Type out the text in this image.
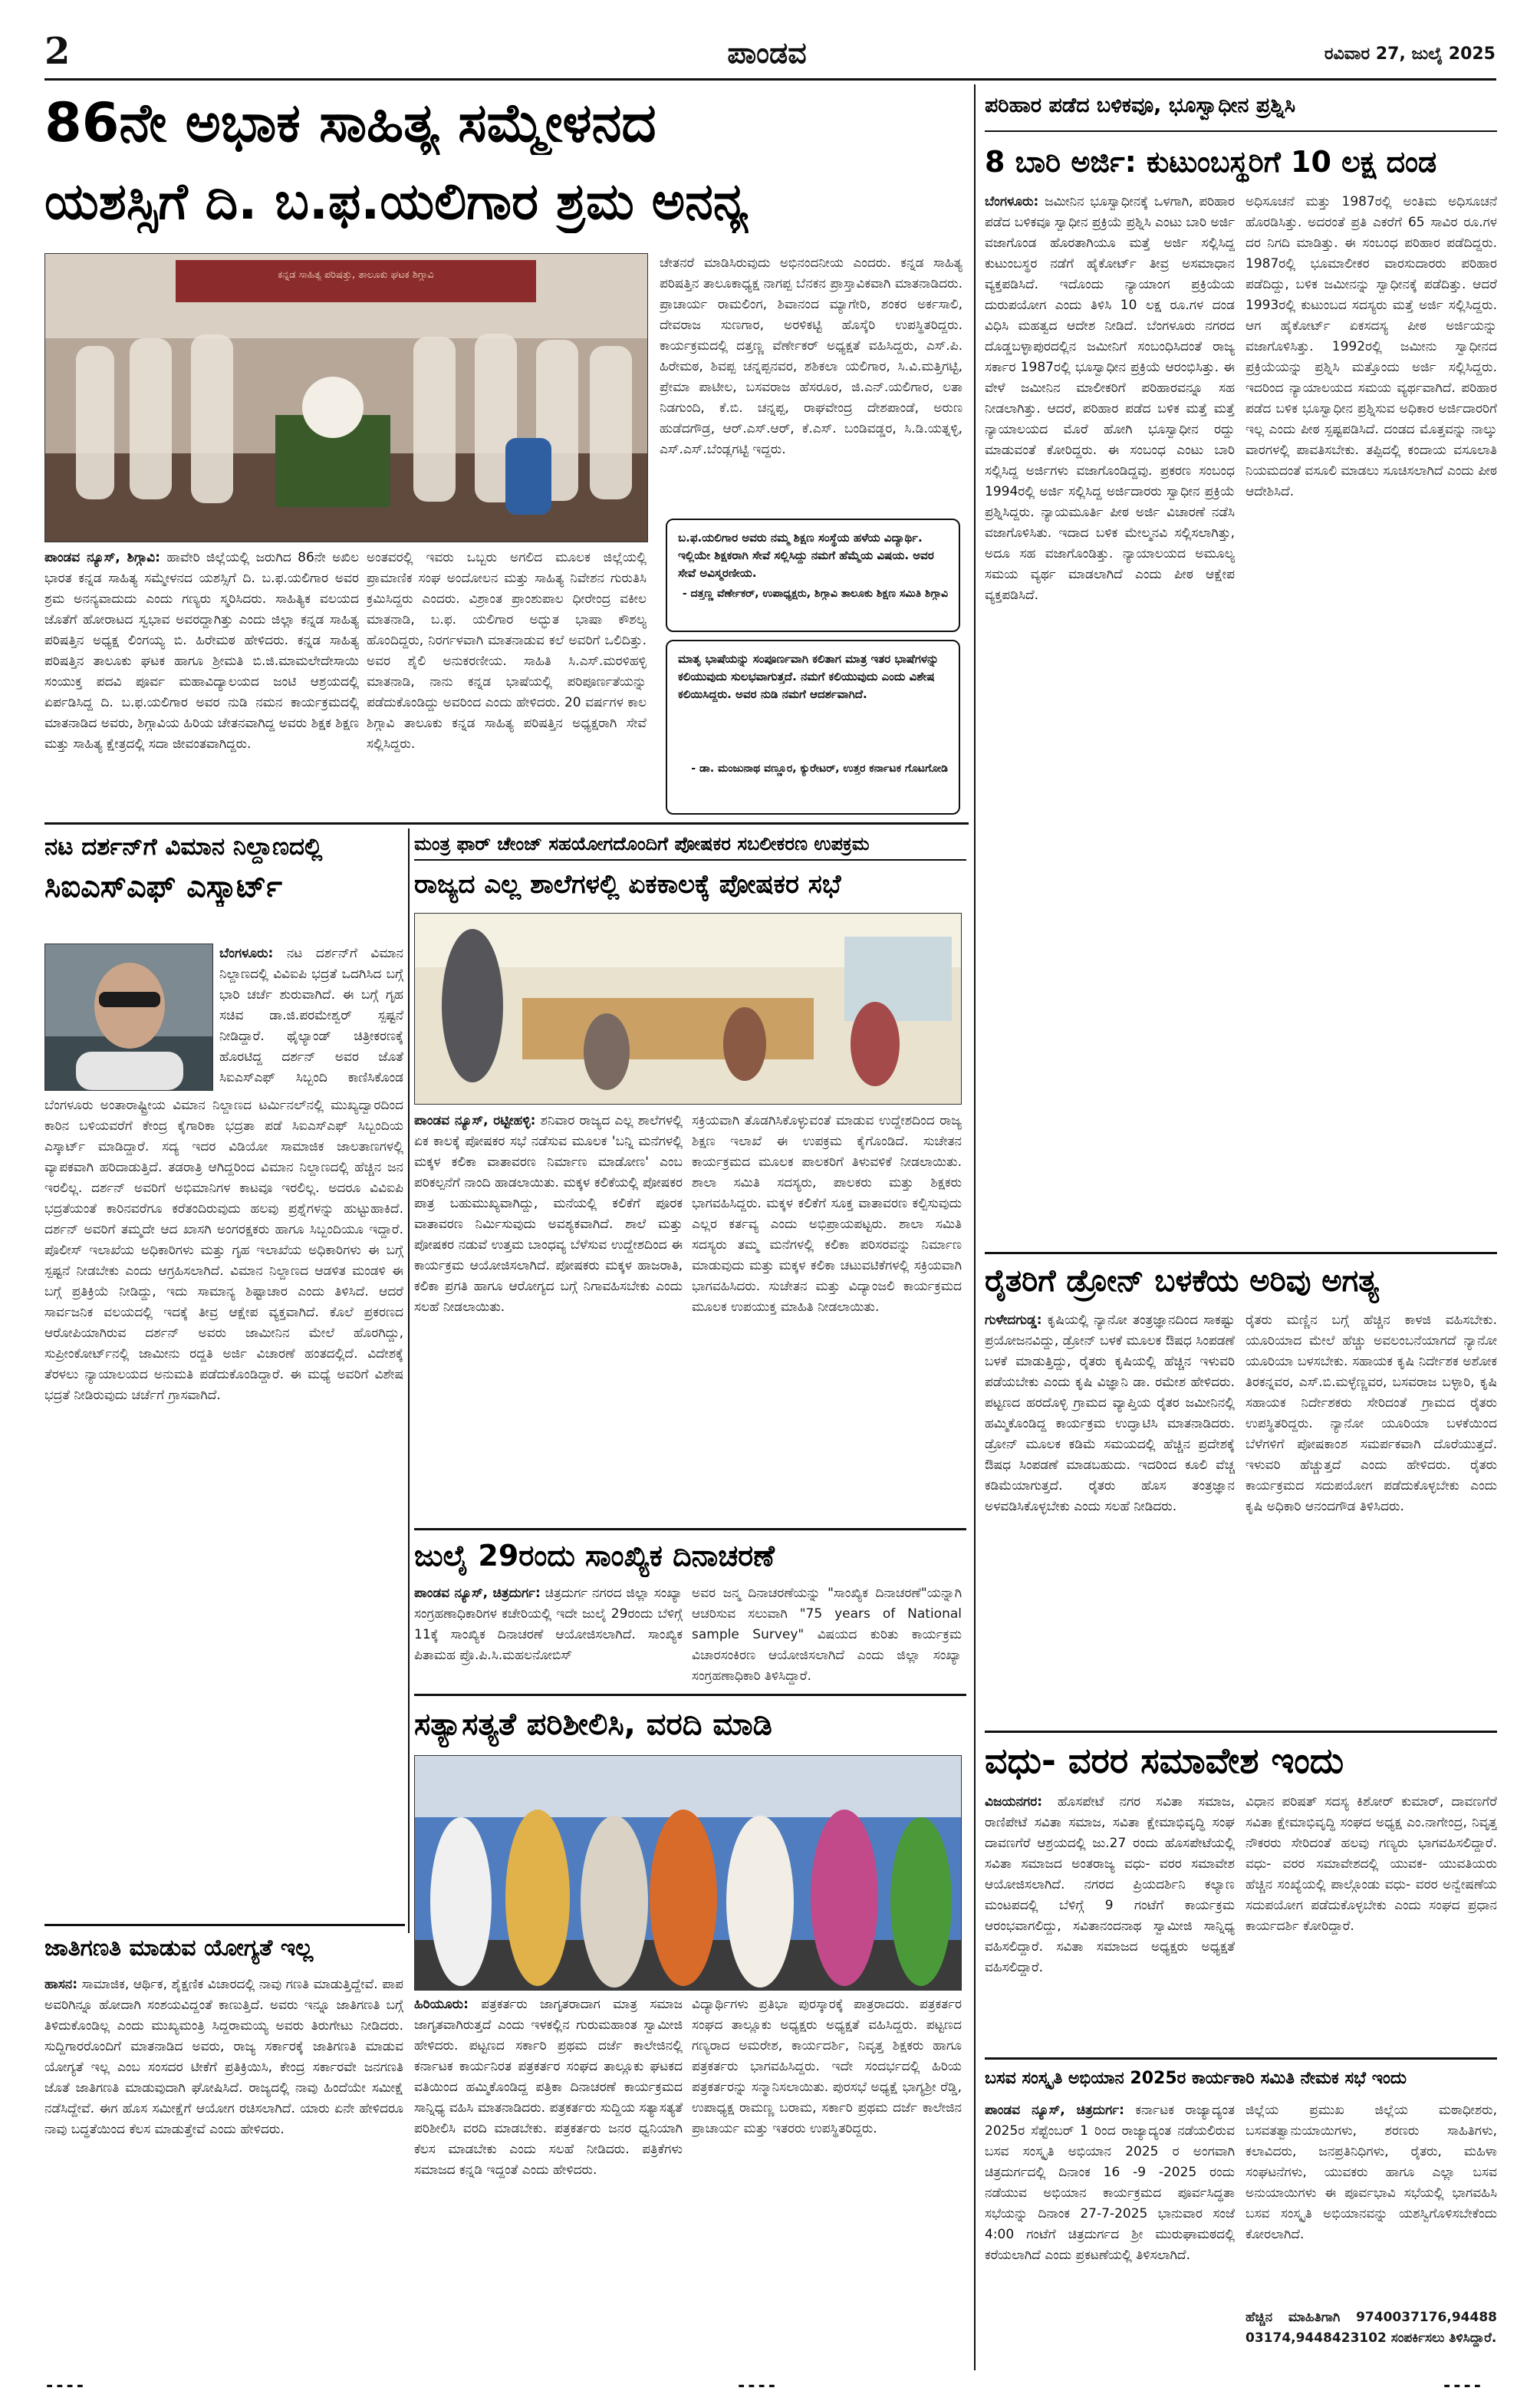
2	ಪಾಂಡವ	ರವಿವಾರ 27, ಜುಲೈ 2025
86ನೇ ಅಭಾಕ ಸಾಹಿತ್ಯ ಸಮ್ಮೇಳನದ
ಯಶಸ್ಸಿಗೆ ದಿ. ಬ.ಫ.ಯಲಿಗಾರ ಶ್ರಮ ಅನನ್ಯ
ಕನ್ನಡ ಸಾಹಿತ್ಯ ಪರಿಷತ್ತು, ತಾಲೂಕು ಘಟಕ ಶಿಗ್ಗಾವಿ
ಪಾಂಡವ ನ್ಯೂಸ್, ಶಿಗ್ಗಾವಿ: ಹಾವೇರಿ ಜಿಲ್ಲೆಯಲ್ಲಿ ಜರುಗಿದ 86ನೇ ಅಖಿಲ ಭಾರತ ಕನ್ನಡ ಸಾಹಿತ್ಯ ಸಮ್ಮೇಳನದ ಯಶಸ್ಸಿಗೆ ದಿ. ಬ.ಫ.ಯಲಿಗಾರ ಅವರ ಶ್ರಮ ಅನನ್ಯವಾದುದು ಎಂದು ಗಣ್ಯರು ಸ್ಮರಿಸಿದರು. ಸಾಹಿತ್ಯಿಕ ವಲಯದ ಜೊತೆಗೆ ಹೋರಾಟದ ಸ್ವಭಾವ ಅವರದ್ದಾಗಿತ್ತು ಎಂದು ಜಿಲ್ಲಾ ಕನ್ನಡ ಸಾಹಿತ್ಯ ಪರಿಷತ್ತಿನ ಅಧ್ಯಕ್ಷ ಲಿಂಗಯ್ಯ ಬಿ. ಹಿರೇಮಠ ಹೇಳಿದರು. ಕನ್ನಡ ಸಾಹಿತ್ಯ ಪರಿಷತ್ತಿನ ತಾಲೂಕು ಘಟಕ ಹಾಗೂ ಶ್ರೀಮತಿ ಬಿ.ಜಿ.ಮಾಮಲೇದೇಸಾಯಿ ಸಂಯುಕ್ತ ಪದವಿ ಪೂರ್ವ ಮಹಾವಿದ್ಯಾಲಯದ ಜಂಟಿ ಆಶ್ರಯದಲ್ಲಿ ಏರ್ಪಡಿಸಿದ್ದ ದಿ. ಬ.ಫ.ಯಲಿಗಾರ ಅವರ ನುಡಿ ನಮನ ಕಾರ್ಯಕ್ರಮದಲ್ಲಿ ಮಾತನಾಡಿದ ಅವರು, ಶಿಗ್ಗಾವಿಯ ಹಿರಿಯ ಚೇತನವಾಗಿದ್ದ ಅವರು ಶಿಕ್ಷಕ ಶಿಕ್ಷಣ ಮತ್ತು ಸಾಹಿತ್ಯ ಕ್ಷೇತ್ರದಲ್ಲಿ ಸದಾ ಜೀವಂತವಾಗಿದ್ದರು.
ಅಂತವರಲ್ಲಿ ಇವರು ಒಬ್ಬರು ಅಗಲಿದ ಮೂಲಕ ಜಿಲ್ಲೆಯಲ್ಲಿ ಪ್ರಾಮಾಣಿಕ ಸಂಘ ಅಂದೋಲನ ಮತ್ತು ಸಾಹಿತ್ಯ ನಿವೇಶನ ಗುರುತಿಸಿ ಕ್ರಮಿಸಿದ್ದರು ಎಂದರು. ವಿಶ್ರಾಂತ ಪ್ರಾಂಶುಪಾಲ ಧೀರೇಂದ್ರ ವಕೀಲ ಮಾತನಾಡಿ, ಬ.ಫ. ಯಲಿಗಾರ ಅದ್ಭುತ ಭಾಷಾ ಕೌಶಲ್ಯ ಹೊಂದಿದ್ದರು, ನಿರರ್ಗಳವಾಗಿ ಮಾತನಾಡುವ ಕಲೆ ಅವರಿಗೆ ಒಲಿದಿತ್ತು. ಅವರ ಶೈಲಿ ಅನುಕರಣೀಯ. ಸಾಹಿತಿ ಸಿ.ಎಸ್.ಮರಳಿಹಳ್ಳಿ ಮಾತನಾಡಿ, ನಾನು ಕನ್ನಡ ಭಾಷೆಯಲ್ಲಿ ಪರಿಪೂರ್ಣತೆಯನ್ನು ಪಡೆದುಕೊಂಡಿದ್ದು ಅವರಿಂದ ಎಂದು ಹೇಳಿದರು. 20 ವರ್ಷಗಳ ಕಾಲ ಶಿಗ್ಗಾವಿ ತಾಲೂಕು ಕನ್ನಡ ಸಾಹಿತ್ಯ ಪರಿಷತ್ತಿನ ಅಧ್ಯಕ್ಷರಾಗಿ ಸೇವೆ ಸಲ್ಲಿಸಿದ್ದರು.
ಚೇತನರೆ ಮಾಡಿಸಿರುವುದು ಅಭಿನಂದನೀಯ ಎಂದರು. ಕನ್ನಡ ಸಾಹಿತ್ಯ ಪರಿಷತ್ತಿನ ತಾಲೂಕಾಧ್ಯಕ್ಷ ನಾಗಪ್ಪ ಬೆನಕನ ಪ್ರಾಸ್ತಾವಿಕವಾಗಿ ಮಾತನಾಡಿದರು. ಪ್ರಾಚಾರ್ಯ ರಾಮಲಿಂಗ, ಶಿವಾನಂದ ಮ್ಯಾಗೇರಿ, ಶಂಕರ ಅರ್ಕಸಾಲಿ, ದೇವರಾಜ ಸುಣಗಾರ, ಅರಳಿಕಟ್ಟಿ ಹೊಸ್ಕೆರಿ ಉಪಸ್ಥಿತರಿದ್ದರು. ಕಾರ್ಯಕ್ರಮದಲ್ಲಿ ದತ್ತಣ್ಣ ವೆರ್ಣೇಕರ್ ಅಧ್ಯಕ್ಷತೆ ವಹಿಸಿದ್ದರು, ಎಸ್.ಪಿ. ಹಿರೇಮಠ, ಶಿವಪ್ಪ ಚನ್ನಪ್ಪನವರ, ಶಶಿಕಲಾ ಯಲಿಗಾರ, ಸಿ.ವಿ.ಮತ್ತಿಗಟ್ಟಿ, ಪ್ರೇಮಾ ಪಾಟೀಲ, ಬಸವರಾಜ ಹೆಸರೂರ, ಜಿ.ಎನ್.ಯಲಿಗಾರ, ಲತಾ ನಿಡಗುಂದಿ, ಕೆ.ಬಿ. ಚನ್ನಪ್ಪ, ರಾಘವೇಂದ್ರ ದೇಶಪಾಂಡೆ, ಅರುಣ ಹುಡೆದಗೌಡ್ರ, ಆರ್.ಎಸ್.ಆರ್, ಕೆ.ಎಸ್. ಬಂಡಿವಡ್ಡರ, ಸಿ.ಡಿ.ಯತ್ನಳ್ಳಿ, ಎಸ್.ಎಸ್.ಬೆಂಡ್ಲಗಟ್ಟಿ ಇದ್ದರು.
ಬ.ಫ.ಯಲಿಗಾರ ಅವರು ನಮ್ಮ ಶಿಕ್ಷಣ ಸಂಸ್ಥೆಯ ಹಳೆಯ ವಿದ್ಯಾರ್ಥಿ. ಇಲ್ಲಿಯೇ ಶಿಕ್ಷಕರಾಗಿ ಸೇವೆ ಸಲ್ಲಿಸಿದ್ದು ನಮಗೆ ಹೆಮ್ಮೆಯ ವಿಷಯ. ಅವರ ಸೇವೆ ಅವಿಸ್ಮರಣೀಯ.
- ದತ್ತಣ್ಣ ವೆರ್ಣೇಕರ್, ಉಪಾಧ್ಯಕ್ಷರು, ಶಿಗ್ಗಾವಿ ತಾಲೂಕು ಶಿಕ್ಷಣ ಸಮಿತಿ ಶಿಗ್ಗಾವಿ
ಮಾತೃ ಭಾಷೆಯನ್ನು ಸಂಪೂರ್ಣವಾಗಿ ಕಲಿತಾಗ ಮಾತ್ರ ಇತರ ಭಾಷೆಗಳನ್ನು ಕಲಿಯುವುದು ಸುಲಭವಾಗುತ್ತದೆ. ನಮಗೆ ಕಲಿಯುವುದು ಎಂದು ವಿಶೇಷ ಕಲಿಯಿಸಿದ್ದರು. ಅವರ ನುಡಿ ನಮಗೆ ಆದರ್ಶವಾಗಿದೆ.
- ಡಾ. ಮಂಜುನಾಥ ವಣ್ಣೂರ, ಕ್ಯುರೇಟರ್, ಉತ್ತರ ಕರ್ನಾಟಕ ಗೊಟಗೋಡಿ
ನಟ ದರ್ಶನ್‌ಗೆ ವಿಮಾನ ನಿಲ್ದಾಣದಲ್ಲಿ
ಸಿಐಎಸ್‌ಎಫ್ ಎಸ್ಕಾರ್ಟ್
ಬೆಂಗಳೂರು: ನಟ ದರ್ಶನ್‌ಗೆ ವಿಮಾನ ನಿಲ್ದಾಣದಲ್ಲಿ ವಿವಿಐಪಿ ಭದ್ರತೆ ಒದಗಿಸಿದ ಬಗ್ಗೆ ಭಾರಿ ಚರ್ಚೆ ಶುರುವಾಗಿದೆ. ಈ ಬಗ್ಗೆ ಗೃಹ ಸಚಿವ ಡಾ.ಜಿ.ಪರಮೇಶ್ವರ್ ಸ್ಪಷ್ಟನೆ ನೀಡಿದ್ದಾರೆ. ಥೈಲ್ಯಾಂಡ್ ಚಿತ್ರೀಕರಣಕ್ಕೆ ಹೊರಟಿದ್ದ ದರ್ಶನ್ ಅವರ ಜೊತೆ ಸಿಐಎಸ್‌ಎಫ್ ಸಿಬ್ಬಂದಿ ಕಾಣಿಸಿಕೊಂಡ
ಬೆಂಗಳೂರು ಅಂತಾರಾಷ್ಟ್ರೀಯ ವಿಮಾನ ನಿಲ್ದಾಣದ ಟರ್ಮಿನಲ್‌ನಲ್ಲಿ ಮುಖ್ಯದ್ವಾರದಿಂದ ಕಾರಿನ ಬಳಿಯವರೆಗೆ ಕೇಂದ್ರ ಕೈಗಾರಿಕಾ ಭದ್ರತಾ ಪಡೆ ಸಿಐಎಸ್‌ಎಫ್ ಸಿಬ್ಬಂದಿಯ ಎಸ್ಕಾರ್ಟ್ ಮಾಡಿದ್ದಾರೆ. ಸದ್ಯ ಇದರ ವಿಡಿಯೋ ಸಾಮಾಜಿಕ ಜಾಲತಾಣಗಳಲ್ಲಿ ವ್ಯಾಪಕವಾಗಿ ಹರಿದಾಡುತ್ತಿದೆ. ತಡರಾತ್ರಿ ಆಗಿದ್ದರಿಂದ ವಿಮಾನ ನಿಲ್ದಾಣದಲ್ಲಿ ಹೆಚ್ಚಿನ ಜನ ಇರಲಿಲ್ಲ. ದರ್ಶನ್ ಅವರಿಗೆ ಅಭಿಮಾನಿಗಳ ಕಾಟವೂ ಇರಲಿಲ್ಲ. ಅದರೂ ವಿವಿಐಪಿ ಭದ್ರತೆಯಂತೆ ಕಾರಿನವರೆಗೂ ಕರೆತಂದಿರುವುದು ಹಲವು ಪ್ರಶ್ನೆಗಳನ್ನು ಹುಟ್ಟುಹಾಕಿದೆ. ದರ್ಶನ್ ಅವರಿಗೆ ತಮ್ಮದೇ ಆದ ಖಾಸಗಿ ಅಂಗರಕ್ಷಕರು ಹಾಗೂ ಸಿಬ್ಬಂದಿಯೂ ಇದ್ದಾರೆ. ಪೊಲೀಸ್ ಇಲಾಖೆಯ ಅಧಿಕಾರಿಗಳು ಮತ್ತು ಗೃಹ ಇಲಾಖೆಯ ಅಧಿಕಾರಿಗಳು ಈ ಬಗ್ಗೆ ಸ್ಪಷ್ಟನೆ ನೀಡಬೇಕು ಎಂದು ಆಗ್ರಹಿಸಲಾಗಿದೆ. ವಿಮಾನ ನಿಲ್ದಾಣದ ಆಡಳಿತ ಮಂಡಳಿ ಈ ಬಗ್ಗೆ ಪ್ರತಿಕ್ರಿಯೆ ನೀಡಿದ್ದು, ಇದು ಸಾಮಾನ್ಯ ಶಿಷ್ಟಾಚಾರ ಎಂದು ತಿಳಿಸಿದೆ. ಆದರೆ ಸಾರ್ವಜನಿಕ ವಲಯದಲ್ಲಿ ಇದಕ್ಕೆ ತೀವ್ರ ಆಕ್ಷೇಪ ವ್ಯಕ್ತವಾಗಿದೆ. ಕೊಲೆ ಪ್ರಕರಣದ ಆರೋಪಿಯಾಗಿರುವ ದರ್ಶನ್ ಅವರು ಜಾಮೀನಿನ ಮೇಲೆ ಹೊರಗಿದ್ದು, ಸುಪ್ರೀಂಕೋರ್ಟ್‌ನಲ್ಲಿ ಜಾಮೀನು ರದ್ದತಿ ಅರ್ಜಿ ವಿಚಾರಣೆ ಹಂತದಲ್ಲಿದೆ. ವಿದೇಶಕ್ಕೆ ತೆರಳಲು ನ್ಯಾಯಾಲಯದ ಅನುಮತಿ ಪಡೆದುಕೊಂಡಿದ್ದಾರೆ. ಈ ಮಧ್ಯೆ ಅವರಿಗೆ ವಿಶೇಷ ಭದ್ರತೆ ನೀಡಿರುವುದು ಚರ್ಚೆಗೆ ಗ್ರಾಸವಾಗಿದೆ.
ಜಾತಿಗಣತಿ ಮಾಡುವ ಯೋಗ್ಯತೆ ಇಲ್ಲ
ಹಾಸನ: ಸಾಮಾಜಿಕ, ಆರ್ಥಿಕ, ಶೈಕ್ಷಣಿಕ ವಿಚಾರದಲ್ಲಿ ನಾವು ಗಣತಿ ಮಾಡುತ್ತಿದ್ದೇವೆ. ಪಾಪ ಅವರಿಗಿನ್ನೂ ಹೋದಾಗಿ ಸಂಶಯವಿದ್ದಂತೆ ಕಾಣುತ್ತಿದೆ. ಅವರು ಇನ್ನೂ ಜಾತಿಗಣತಿ ಬಗ್ಗೆ ತಿಳಿದುಕೊಂಡಿಲ್ಲ ಎಂದು ಮುಖ್ಯಮಂತ್ರಿ ಸಿದ್ದರಾಮಯ್ಯ ಅವರು ತಿರುಗೇಟು ನೀಡಿದರು. ಸುದ್ದಿಗಾರರೊಂದಿಗೆ ಮಾತನಾಡಿದ ಅವರು, ರಾಜ್ಯ ಸರ್ಕಾರಕ್ಕೆ ಜಾತಿಗಣತಿ ಮಾಡುವ ಯೋಗ್ಯತೆ ಇಲ್ಲ ಎಂಬ ಸಂಸದರ ಟೀಕೆಗೆ ಪ್ರತಿಕ್ರಿಯಿಸಿ, ಕೇಂದ್ರ ಸರ್ಕಾರವೇ ಜನಗಣತಿ ಜೊತೆ ಜಾತಿಗಣತಿ ಮಾಡುವುದಾಗಿ ಘೋಷಿಸಿದೆ. ರಾಜ್ಯದಲ್ಲಿ ನಾವು ಹಿಂದೆಯೇ ಸಮೀಕ್ಷೆ ನಡೆಸಿದ್ದೇವೆ. ಈಗ ಹೊಸ ಸಮೀಕ್ಷೆಗೆ ಆಯೋಗ ರಚಿಸಲಾಗಿದೆ. ಯಾರು ಏನೇ ಹೇಳಿದರೂ ನಾವು ಬದ್ಧತೆಯಿಂದ ಕೆಲಸ ಮಾಡುತ್ತೇವೆ ಎಂದು ಹೇಳಿದರು.
ಮಂತ್ರ ಫಾರ್ ಚೇಂಜ್ ಸಹಯೋಗದೊಂದಿಗೆ ಪೋಷಕರ ಸಬಲೀಕರಣ ಉಪಕ್ರಮ
ರಾಜ್ಯದ ಎಲ್ಲ ಶಾಲೆಗಳಲ್ಲಿ ಏಕಕಾಲಕ್ಕೆ ಪೋಷಕರ ಸಭೆ
ಪಾಂಡವ ನ್ಯೂಸ್, ರಟ್ಟೀಹಳ್ಳಿ: ಶನಿವಾರ ರಾಜ್ಯದ ಎಲ್ಲ ಶಾಲೆಗಳಲ್ಲಿ ಏಕ ಕಾಲಕ್ಕೆ ಪೋಷಕರ ಸಭೆ ನಡೆಸುವ ಮೂಲಕ 'ಬನ್ನಿ ಮನೆಗಳಲ್ಲಿ ಮಕ್ಕಳ ಕಲಿಕಾ ವಾತಾವರಣ ನಿರ್ಮಾಣ ಮಾಡೋಣ' ಎಂಬ ಪರಿಕಲ್ಪನೆಗೆ ನಾಂದಿ ಹಾಡಲಾಯಿತು. ಮಕ್ಕಳ ಕಲಿಕೆಯಲ್ಲಿ ಪೋಷಕರ ಪಾತ್ರ ಬಹುಮುಖ್ಯವಾಗಿದ್ದು, ಮನೆಯಲ್ಲಿ ಕಲಿಕೆಗೆ ಪೂರಕ ವಾತಾವರಣ ನಿರ್ಮಿಸುವುದು ಅವಶ್ಯಕವಾಗಿದೆ. ಶಾಲೆ ಮತ್ತು ಪೋಷಕರ ನಡುವೆ ಉತ್ತಮ ಬಾಂಧವ್ಯ ಬೆಳೆಸುವ ಉದ್ದೇಶದಿಂದ ಈ ಕಾರ್ಯಕ್ರಮ ಆಯೋಜಿಸಲಾಗಿದೆ. ಪೋಷಕರು ಮಕ್ಕಳ ಹಾಜರಾತಿ, ಕಲಿಕಾ ಪ್ರಗತಿ ಹಾಗೂ ಆರೋಗ್ಯದ ಬಗ್ಗೆ ನಿಗಾವಹಿಸಬೇಕು ಎಂದು ಸಲಹೆ ನೀಡಲಾಯಿತು.
ಸಕ್ರಿಯವಾಗಿ ತೊಡಗಿಸಿಕೊಳ್ಳುವಂತೆ ಮಾಡುವ ಉದ್ದೇಶದಿಂದ ರಾಜ್ಯ ಶಿಕ್ಷಣ ಇಲಾಖೆ ಈ ಉಪಕ್ರಮ ಕೈಗೊಂಡಿದೆ. ಸುಚೇತನ ಕಾರ್ಯಕ್ರಮದ ಮೂಲಕ ಪಾಲಕರಿಗೆ ತಿಳುವಳಿಕೆ ನೀಡಲಾಯಿತು. ಶಾಲಾ ಸಮಿತಿ ಸದಸ್ಯರು, ಪಾಲಕರು ಮತ್ತು ಶಿಕ್ಷಕರು ಭಾಗವಹಿಸಿದ್ದರು. ಮಕ್ಕಳ ಕಲಿಕೆಗೆ ಸೂಕ್ತ ವಾತಾವರಣ ಕಲ್ಪಿಸುವುದು ಎಲ್ಲರ ಕರ್ತವ್ಯ ಎಂದು ಅಭಿಪ್ರಾಯಪಟ್ಟರು. ಶಾಲಾ ಸಮಿತಿ ಸದಸ್ಯರು ತಮ್ಮ ಮನೆಗಳಲ್ಲಿ ಕಲಿಕಾ ಪರಿಸರವನ್ನು ನಿರ್ಮಾಣ ಮಾಡುವುದು ಮತ್ತು ಮಕ್ಕಳ ಕಲಿಕಾ ಚಟುವಟಿಕೆಗಳಲ್ಲಿ ಸಕ್ರಿಯವಾಗಿ ಭಾಗವಹಿಸಿದರು. ಸುಚೇತನ ಮತ್ತು ವಿದ್ಯಾಂಜಲಿ ಕಾರ್ಯಕ್ರಮದ ಮೂಲಕ ಉಪಯುಕ್ತ ಮಾಹಿತಿ ನೀಡಲಾಯಿತು.
ಜುಲೈ 29ರಂದು ಸಾಂಖ್ಯಿಕ ದಿನಾಚರಣೆ
ಪಾಂಡವ ನ್ಯೂಸ್, ಚಿತ್ರದುರ್ಗ: ಚಿತ್ರದುರ್ಗ ನಗರದ ಜಿಲ್ಲಾ ಸಂಖ್ಯಾ ಸಂಗ್ರಹಣಾಧಿಕಾರಿಗಳ ಕಚೇರಿಯಲ್ಲಿ ಇದೇ ಜುಲೈ 29ರಂದು ಬೆಳಿಗ್ಗೆ 11ಕ್ಕೆ ಸಾಂಖ್ಯಿಕ ದಿನಾಚರಣೆ ಆಯೋಜಿಸಲಾಗಿದೆ. ಸಾಂಖ್ಯಿಕ ಪಿತಾಮಹ ಪ್ರೊ.ಪಿ.ಸಿ.ಮಹಲನೋಬಿಸ್
ಅವರ ಜನ್ಮ ದಿನಾಚರಣೆಯನ್ನು "ಸಾಂಖ್ಯಿಕ ದಿನಾಚರಣೆ"ಯನ್ನಾಗಿ ಆಚರಿಸುವ ಸಲುವಾಗಿ "75 years of National sample Survey" ವಿಷಯದ ಕುರಿತು ಕಾರ್ಯಕ್ರಮ ವಿಚಾರಸಂಕಿರಣ ಆಯೋಜಿಸಲಾಗಿದೆ ಎಂದು ಜಿಲ್ಲಾ ಸಂಖ್ಯಾ ಸಂಗ್ರಹಣಾಧಿಕಾರಿ ತಿಳಿಸಿದ್ದಾರೆ.
ಸತ್ಯಾಸತ್ಯತೆ ಪರಿಶೀಲಿಸಿ, ವರದಿ ಮಾಡಿ
ಹಿರಿಯೂರು: ಪತ್ರಕರ್ತರು ಜಾಗೃತರಾದಾಗ ಮಾತ್ರ ಸಮಾಜ ಜಾಗೃತವಾಗಿರುತ್ತದೆ ಎಂದು ಇಳಕಲ್ಲಿನ ಗುರುಮಹಾಂತ ಸ್ವಾಮೀಜಿ ಹೇಳಿದರು. ಪಟ್ಟಣದ ಸರ್ಕಾರಿ ಪ್ರಥಮ ದರ್ಜೆ ಕಾಲೇಜಿನಲ್ಲಿ ಕರ್ನಾಟಕ ಕಾರ್ಯನಿರತ ಪತ್ರಕರ್ತರ ಸಂಘದ ತಾಲ್ಲೂಕು ಘಟಕದ ವತಿಯಿಂದ ಹಮ್ಮಿಕೊಂಡಿದ್ದ ಪತ್ರಿಕಾ ದಿನಾಚರಣೆ ಕಾರ್ಯಕ್ರಮದ ಸಾನ್ನಿಧ್ಯ ವಹಿಸಿ ಮಾತನಾಡಿದರು. ಪತ್ರಕರ್ತರು ಸುದ್ದಿಯ ಸತ್ಯಾಸತ್ಯತೆ ಪರಿಶೀಲಿಸಿ ವರದಿ ಮಾಡಬೇಕು. ಪತ್ರಕರ್ತರು ಜನರ ಧ್ವನಿಯಾಗಿ ಕೆಲಸ ಮಾಡಬೇಕು ಎಂದು ಸಲಹೆ ನೀಡಿದರು. ಪತ್ರಿಕೆಗಳು ಸಮಾಜದ ಕನ್ನಡಿ ಇದ್ದಂತೆ ಎಂದು ಹೇಳಿದರು.
ವಿದ್ಯಾರ್ಥಿಗಳು ಪ್ರತಿಭಾ ಪುರಸ್ಕಾರಕ್ಕೆ ಪಾತ್ರರಾದರು. ಪತ್ರಕರ್ತರ ಸಂಘದ ತಾಲ್ಲೂಕು ಅಧ್ಯಕ್ಷರು ಅಧ್ಯಕ್ಷತೆ ವಹಿಸಿದ್ದರು. ಪಟ್ಟಣದ ಗಣ್ಯರಾದ ಅಮರೇಶ, ಕಾರ್ಯದರ್ಶಿ, ನಿವೃತ್ತ ಶಿಕ್ಷಕರು ಹಾಗೂ ಪತ್ರಕರ್ತರು ಭಾಗವಹಿಸಿದ್ದರು. ಇದೇ ಸಂದರ್ಭದಲ್ಲಿ ಹಿರಿಯ ಪತ್ರಕರ್ತರನ್ನು ಸನ್ಮಾನಿಸಲಾಯಿತು. ಪುರಸಭೆ ಅಧ್ಯಕ್ಷೆ ಭಾಗ್ಯಶ್ರೀ ರೆಡ್ಡಿ, ಉಪಾಧ್ಯಕ್ಷ ರಾಮಣ್ಣ ಬರಾಮ, ಸರ್ಕಾರಿ ಪ್ರಥಮ ದರ್ಜೆ ಕಾಲೇಜಿನ ಪ್ರಾಚಾರ್ಯ ಮತ್ತು ಇತರರು ಉಪಸ್ಥಿತರಿದ್ದರು.
ಪರಿಹಾರ ಪಡೆದ ಬಳಿಕವೂ, ಭೂಸ್ವಾಧೀನ ಪ್ರಶ್ನಿಸಿ
8 ಬಾರಿ ಅರ್ಜಿ: ಕುಟುಂಬಸ್ಥರಿಗೆ 10 ಲಕ್ಷ ದಂಡ
ಬೆಂಗಳೂರು: ಜಮೀನಿನ ಭೂಸ್ವಾಧೀನಕ್ಕೆ ಒಳಗಾಗಿ, ಪರಿಹಾರ ಪಡೆದ ಬಳಿಕವೂ ಸ್ವಾಧೀನ ಪ್ರಕ್ರಿಯೆ ಪ್ರಶ್ನಿಸಿ ಎಂಟು ಬಾರಿ ಅರ್ಜಿ ವಜಾಗೊಂಡ ಹೊರತಾಗಿಯೂ ಮತ್ತೆ ಅರ್ಜಿ ಸಲ್ಲಿಸಿದ್ದ ಕುಟುಂಬಸ್ಥರ ನಡೆಗೆ ಹೈಕೋರ್ಟ್ ತೀವ್ರ ಅಸಮಾಧಾನ ವ್ಯಕ್ತಪಡಿಸಿದೆ. ಇದೊಂದು ನ್ಯಾಯಾಂಗ ಪ್ರಕ್ರಿಯೆಯ ದುರುಪಯೋಗ ಎಂದು ತಿಳಿಸಿ 10 ಲಕ್ಷ ರೂ.ಗಳ ದಂಡ ವಿಧಿಸಿ ಮಹತ್ವದ ಆದೇಶ ನೀಡಿದೆ. ಬೆಂಗಳೂರು ನಗರದ ದೊಡ್ಡಬಳ್ಳಾಪುರದಲ್ಲಿನ ಜಮೀನಿಗೆ ಸಂಬಂಧಿಸಿದಂತೆ ರಾಜ್ಯ ಸರ್ಕಾರ 1987ರಲ್ಲಿ ಭೂಸ್ವಾಧೀನ ಪ್ರಕ್ರಿಯೆ ಆರಂಭಿಸಿತ್ತು. ಈ ವೇಳೆ ಜಮೀನಿನ ಮಾಲೀಕರಿಗೆ ಪರಿಹಾರವನ್ನೂ ಸಹ ನೀಡಲಾಗಿತ್ತು. ಆದರೆ, ಪರಿಹಾರ ಪಡೆದ ಬಳಿಕ ಮತ್ತೆ ಮತ್ತೆ ನ್ಯಾಯಾಲಯದ ಮೊರೆ ಹೋಗಿ ಭೂಸ್ವಾಧೀನ ರದ್ದು ಮಾಡುವಂತೆ ಕೋರಿದ್ದರು. ಈ ಸಂಬಂಧ ಎಂಟು ಬಾರಿ ಸಲ್ಲಿಸಿದ್ದ ಅರ್ಜಿಗಳು ವಜಾಗೊಂಡಿದ್ದವು. ಪ್ರಕರಣ ಸಂಬಂಧ 1994ರಲ್ಲಿ ಅರ್ಜಿ ಸಲ್ಲಿಸಿದ್ದ ಅರ್ಜಿದಾರರು ಸ್ವಾಧೀನ ಪ್ರಕ್ರಿಯೆ ಪ್ರಶ್ನಿಸಿದ್ದರು. ನ್ಯಾಯಮೂರ್ತಿ ಪೀಠ ಅರ್ಜಿ ವಿಚಾರಣೆ ನಡೆಸಿ ವಜಾಗೊಳಿಸಿತು. ಇದಾದ ಬಳಿಕ ಮೇಲ್ಮನವಿ ಸಲ್ಲಿಸಲಾಗಿತ್ತು, ಅದೂ ಸಹ ವಜಾಗೊಂಡಿತ್ತು. ನ್ಯಾಯಾಲಯದ ಅಮೂಲ್ಯ ಸಮಯ ವ್ಯರ್ಥ ಮಾಡಲಾಗಿದೆ ಎಂದು ಪೀಠ ಆಕ್ಷೇಪ ವ್ಯಕ್ತಪಡಿಸಿದೆ.
ಅಧಿಸೂಚನೆ ಮತ್ತು 1987ರಲ್ಲಿ ಅಂತಿಮ ಅಧಿಸೂಚನೆ ಹೊರಡಿಸಿತ್ತು. ಅದರಂತೆ ಪ್ರತಿ ಎಕರೆಗೆ 65 ಸಾವಿರ ರೂ.ಗಳ ದರ ನಿಗದಿ ಮಾಡಿತ್ತು. ಈ ಸಂಬಂಧ ಪರಿಹಾರ ಪಡೆದಿದ್ದರು. 1987ರಲ್ಲಿ ಭೂಮಾಲೀಕರ ವಾರಸುದಾರರು ಪರಿಹಾರ ಪಡೆದಿದ್ದು, ಬಳಿಕ ಜಮೀನನ್ನು ಸ್ವಾಧೀನಕ್ಕೆ ಪಡೆದಿತ್ತು. ಆದರೆ 1993ರಲ್ಲಿ ಕುಟುಂಬದ ಸದಸ್ಯರು ಮತ್ತೆ ಅರ್ಜಿ ಸಲ್ಲಿಸಿದ್ದರು. ಆಗ ಹೈಕೋರ್ಟ್ ಏಕಸದಸ್ಯ ಪೀಠ ಅರ್ಜಿಯನ್ನು ವಜಾಗೊಳಿಸಿತ್ತು. 1992ರಲ್ಲಿ ಜಮೀನು ಸ್ವಾಧೀನದ ಪ್ರಕ್ರಿಯೆಯನ್ನು ಪ್ರಶ್ನಿಸಿ ಮತ್ತೊಂದು ಅರ್ಜಿ ಸಲ್ಲಿಸಿದ್ದರು. ಇದರಿಂದ ನ್ಯಾಯಾಲಯದ ಸಮಯ ವ್ಯರ್ಥವಾಗಿದೆ. ಪರಿಹಾರ ಪಡೆದ ಬಳಿಕ ಭೂಸ್ವಾಧೀನ ಪ್ರಶ್ನಿಸುವ ಅಧಿಕಾರ ಅರ್ಜಿದಾರರಿಗೆ ಇಲ್ಲ ಎಂದು ಪೀಠ ಸ್ಪಷ್ಟಪಡಿಸಿದೆ. ದಂಡದ ಮೊತ್ತವನ್ನು ನಾಲ್ಕು ವಾರಗಳಲ್ಲಿ ಪಾವತಿಸಬೇಕು. ತಪ್ಪಿದಲ್ಲಿ ಕಂದಾಯ ವಸೂಲಾತಿ ನಿಯಮದಂತೆ ವಸೂಲಿ ಮಾಡಲು ಸೂಚಿಸಲಾಗಿದೆ ಎಂದು ಪೀಠ ಆದೇಶಿಸಿದೆ.
ರೈತರಿಗೆ ಡ್ರೋನ್ ಬಳಕೆಯ ಅರಿವು ಅಗತ್ಯ
ಗುಳೇದಗುಡ್ಡ: ಕೃಷಿಯಲ್ಲಿ ನ್ಯಾನೋ ತಂತ್ರಜ್ಞಾನದಿಂದ ಸಾಕಷ್ಟು ಪ್ರಯೋಜನವಿದ್ದು, ಡ್ರೋನ್ ಬಳಕೆ ಮೂಲಕ ಔಷಧ ಸಿಂಪಡಣೆ ಬಳಕೆ ಮಾಡುತ್ತಿದ್ದು, ರೈತರು ಕೃಷಿಯಲ್ಲಿ ಹೆಚ್ಚಿನ ಇಳುವರಿ ಪಡೆಯಬೇಕು ಎಂದು ಕೃಷಿ ವಿಜ್ಞಾನಿ ಡಾ. ರಮೇಶ ಹೇಳಿದರು. ಪಟ್ಟಣದ ಹರದೊಳ್ಳಿ ಗ್ರಾಮದ ವ್ಯಾಪ್ತಿಯ ರೈತರ ಜಮೀನಿನಲ್ಲಿ ಹಮ್ಮಿಕೊಂಡಿದ್ದ ಕಾರ್ಯಕ್ರಮ ಉದ್ಘಾಟಿಸಿ ಮಾತನಾಡಿದರು. ಡ್ರೋನ್ ಮೂಲಕ ಕಡಿಮೆ ಸಮಯದಲ್ಲಿ ಹೆಚ್ಚಿನ ಪ್ರದೇಶಕ್ಕೆ ಔಷಧ ಸಿಂಪಡಣೆ ಮಾಡಬಹುದು. ಇದರಿಂದ ಕೂಲಿ ವೆಚ್ಚ ಕಡಿಮೆಯಾಗುತ್ತದೆ. ರೈತರು ಹೊಸ ತಂತ್ರಜ್ಞಾನ ಅಳವಡಿಸಿಕೊಳ್ಳಬೇಕು ಎಂದು ಸಲಹೆ ನೀಡಿದರು.
ರೈತರು ಮಣ್ಣಿನ ಬಗ್ಗೆ ಹೆಚ್ಚಿನ ಕಾಳಜಿ ವಹಿಸಬೇಕು. ಯೂರಿಯಾದ ಮೇಲೆ ಹೆಚ್ಚು ಅವಲಂಬನೆಯಾಗದೆ ನ್ಯಾನೋ ಯೂರಿಯಾ ಬಳಸಬೇಕು. ಸಹಾಯಕ ಕೃಷಿ ನಿರ್ದೇಶಕ ಅಶೋಕ ತಿರಕನ್ನವರ, ಎಸ್.ಬಿ.ಮಳ್ಳೆಣ್ಣವರ, ಬಸವರಾಜ ಬಳ್ಳಾರಿ, ಕೃಷಿ ಸಹಾಯಕ ನಿರ್ದೇಶಕರು ಸೇರಿದಂತೆ ಗ್ರಾಮದ ರೈತರು ಉಪಸ್ಥಿತರಿದ್ದರು. ನ್ಯಾನೋ ಯೂರಿಯಾ ಬಳಕೆಯಿಂದ ಬೆಳೆಗಳಿಗೆ ಪೋಷಕಾಂಶ ಸಮರ್ಪಕವಾಗಿ ದೊರೆಯುತ್ತದೆ. ಇಳುವರಿ ಹೆಚ್ಚುತ್ತದೆ ಎಂದು ಹೇಳಿದರು. ರೈತರು ಕಾರ್ಯಕ್ರಮದ ಸದುಪಯೋಗ ಪಡೆದುಕೊಳ್ಳಬೇಕು ಎಂದು ಕೃಷಿ ಅಧಿಕಾರಿ ಆನಂದಗೌಡ ತಿಳಿಸಿದರು.
ವಧು- ವರರ ಸಮಾವೇಶ ಇಂದು
ವಿಜಯನಗರ: ಹೊಸಪೇಟೆ ನಗರ ಸವಿತಾ ಸಮಾಜ, ರಾಣಿಪೇಟೆ ಸವಿತಾ ಸಮಾಜ, ಸವಿತಾ ಕ್ಷೇಮಾಭಿವೃದ್ಧಿ ಸಂಘ ದಾವಣಗೆರೆ ಆಶ್ರಯದಲ್ಲಿ ಜು.27 ರಂದು ಹೊಸಪೇಟೆಯಲ್ಲಿ ಸವಿತಾ ಸಮಾಜದ ಅಂತರಾಜ್ಯ ವಧು- ವರರ ಸಮಾವೇಶ ಆಯೋಜಿಸಲಾಗಿದೆ. ನಗರದ ಪ್ರಿಯದರ್ಶಿನಿ ಕಲ್ಯಾಣ ಮಂಟಪದಲ್ಲಿ ಬೆಳಿಗ್ಗೆ 9 ಗಂಟೆಗೆ ಕಾರ್ಯಕ್ರಮ ಆರಂಭವಾಗಲಿದ್ದು, ಸವಿತಾನಂದನಾಥ ಸ್ವಾಮೀಜಿ ಸಾನ್ನಿಧ್ಯ ವಹಿಸಲಿದ್ದಾರೆ. ಸವಿತಾ ಸಮಾಜದ ಅಧ್ಯಕ್ಷರು ಅಧ್ಯಕ್ಷತೆ ವಹಿಸಲಿದ್ದಾರೆ.
ವಿಧಾನ ಪರಿಷತ್ ಸದಸ್ಯ ಕಿಶೋರ್ ಕುಮಾರ್, ದಾವಣಗೆರೆ ಸವಿತಾ ಕ್ಷೇಮಾಭಿವೃದ್ಧಿ ಸಂಘದ ಅಧ್ಯಕ್ಷ ಎಂ.ನಾಗೇಂದ್ರ, ನಿವೃತ್ತ ನೌಕರರು ಸೇರಿದಂತೆ ಹಲವು ಗಣ್ಯರು ಭಾಗವಹಿಸಲಿದ್ದಾರೆ. ವಧು- ವರರ ಸಮಾವೇಶದಲ್ಲಿ ಯುವಕ- ಯುವತಿಯರು ಹೆಚ್ಚಿನ ಸಂಖ್ಯೆಯಲ್ಲಿ ಪಾಲ್ಗೊಂಡು ವಧು- ವರರ ಅನ್ವೇಷಣೆಯ ಸದುಪಯೋಗ ಪಡೆದುಕೊಳ್ಳಬೇಕು ಎಂದು ಸಂಘದ ಪ್ರಧಾನ ಕಾರ್ಯದರ್ಶಿ ಕೋರಿದ್ದಾರೆ.
ಬಸವ ಸಂಸ್ಕೃತಿ ಅಭಿಯಾನ 2025ರ ಕಾರ್ಯಕಾರಿ ಸಮಿತಿ ನೇಮಕ ಸಭೆ ಇಂದು
ಪಾಂಡವ ನ್ಯೂಸ್, ಚಿತ್ರದುರ್ಗ: ಕರ್ನಾಟಕ ರಾಜ್ಯಾದ್ಯಂತ 2025ರ ಸೆಪ್ಟೆಂಬರ್ 1 ರಿಂದ ರಾಜ್ಯಾದ್ಯಂತ ನಡೆಯಲಿರುವ ಬಸವ ಸಂಸ್ಕೃತಿ ಅಭಿಯಾನ 2025 ರ ಅಂಗವಾಗಿ ಚಿತ್ರದುರ್ಗದಲ್ಲಿ ದಿನಾಂಕ 16 -9 -2025 ರಂದು ನಡೆಯುವ ಅಭಿಯಾನ ಕಾರ್ಯಕ್ರಮದ ಪೂರ್ವಸಿದ್ಧತಾ ಸಭೆಯನ್ನು ದಿನಾಂಕ 27-7-2025 ಭಾನುವಾರ ಸಂಜೆ 4:00 ಗಂಟೆಗೆ ಚಿತ್ರದುರ್ಗದ ಶ್ರೀ ಮುರುಘಾಮಠದಲ್ಲಿ ಕರೆಯಲಾಗಿದೆ ಎಂದು ಪ್ರಕಟಣೆಯಲ್ಲಿ ತಿಳಿಸಲಾಗಿದೆ.
ಜಿಲ್ಲೆಯ ಪ್ರಮುಖ ಜಿಲ್ಲೆಯ ಮಠಾಧೀಶರು, ಬಸವತತ್ವಾನುಯಾಯಿಗಳು, ಶರಣರು ಸಾಹಿತಿಗಳು, ಕಲಾವಿದರು, ಜನಪ್ರತಿನಿಧಿಗಳು, ರೈತರು, ಮಹಿಳಾ ಸಂಘಟನೆಗಳು, ಯುವಕರು ಹಾಗೂ ಎಲ್ಲಾ ಬಸವ ಅನುಯಾಯಿಗಳು ಈ ಪೂರ್ವಭಾವಿ ಸಭೆಯಲ್ಲಿ ಭಾಗವಹಿಸಿ ಬಸವ ಸಂಸ್ಕೃತಿ ಅಭಿಯಾನವನ್ನು ಯಶಸ್ವಿಗೊಳಿಸಬೇಕೆಂದು ಕೋರಲಾಗಿದೆ.
ಹೆಚ್ಚಿನ ಮಾಹಿತಿಗಾಗಿ 9740037176,94488 03174,9448423102 ಸಂಪರ್ಕಿಸಲು ತಿಳಿಸಿದ್ದಾರೆ.
----	----	----
